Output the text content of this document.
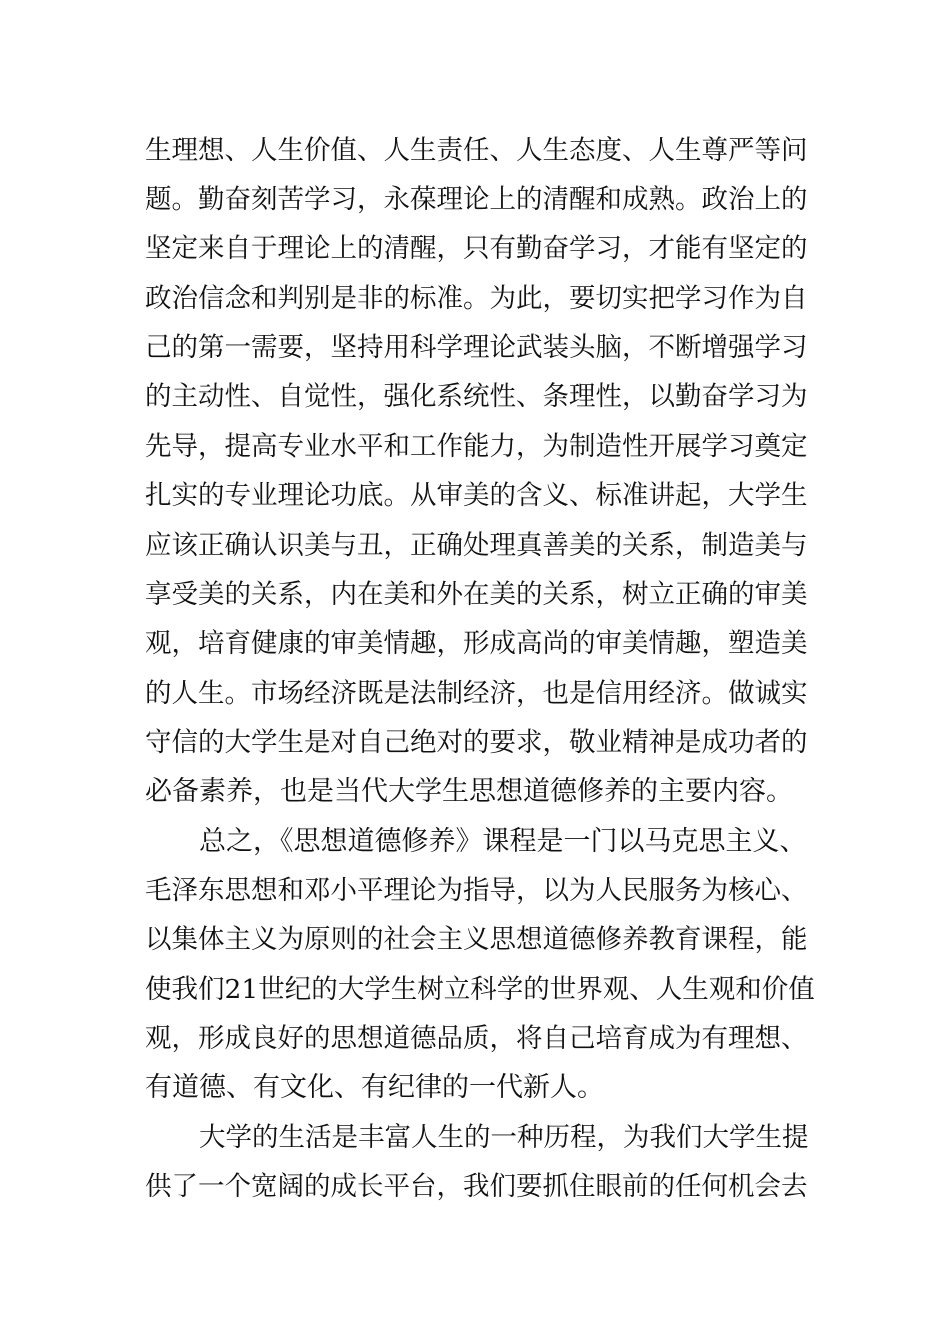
生理想、人生价值、人生责任、人生态度、人生尊严等问
题。勤奋刻苦学习，永葆理论上的清醒和成熟。政治上的
坚定来自于理论上的清醒，只有勤奋学习，才能有坚定的
政治信念和判别是非的标准。为此，要切实把学习作为自
己的第一需要，坚持用科学理论武装头脑，不断增强学习
的主动性、自觉性，强化系统性、条理性，以勤奋学习为
先导，提高专业水平和工作能力，为制造性开展学习奠定
扎实的专业理论功底。从审美的含义、标准讲起，大学生
应该正确认识美与丑，正确处理真善美的关系，制造美与
享受美的关系，内在美和外在美的关系，树立正确的审美
观，培育健康的审美情趣，形成高尚的审美情趣，塑造美
的人生。市场经济既是法制经济，也是信用经济。做诚实
守信的大学生是对自己绝对的要求，敬业精神是成功者的
必备素养，也是当代大学生思想道德修养的主要内容。
总之，《思想道德修养》课程是一门以马克思主义、
毛泽东思想和邓小平理论为指导，以为人民服务为核心、
以集体主义为原则的社会主义思想道德修养教育课程，能
使我们21世纪的大学生树立科学的世界观、人生观和价值
观，形成良好的思想道德品质，将自己培育成为有理想、
有道德、有文化、有纪律的一代新人。
大学的生活是丰富人生的一种历程，为我们大学生提
供了一个宽阔的成长平台，我们要抓住眼前的任何机会去
